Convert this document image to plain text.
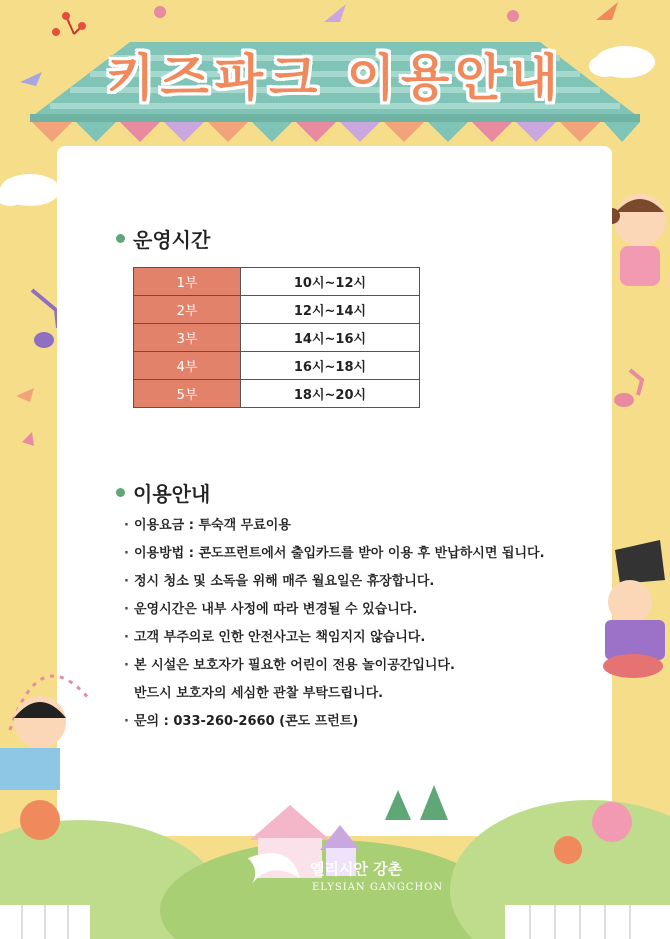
운영시간
1부	10시~12시
2부	12시~14시
3부	14시~16시
4부	16시~18시
5부	18시~20시
이용안내
· 이용요금 : 투숙객 무료이용
· 이용방법 : 콘도프런트에서 출입카드를 받아 이용 후 반납하시면 됩니다.
· 정시 청소 및 소독을 위해 매주 월요일은 휴장합니다.
· 운영시간은 내부 사정에 따라 변경될 수 있습니다.
· 고객 부주의로 인한 안전사고는 책임지지 않습니다.
· 본 시설은 보호자가 필요한 어린이 전용 놀이공간입니다.
반드시 보호자의 세심한 관찰 부탁드립니다.
· 문의 : 033-260-2660 (콘도 프런트)
엘리시안 강촌
ELYSIAN GANGCHON
키즈파크 이용안내
